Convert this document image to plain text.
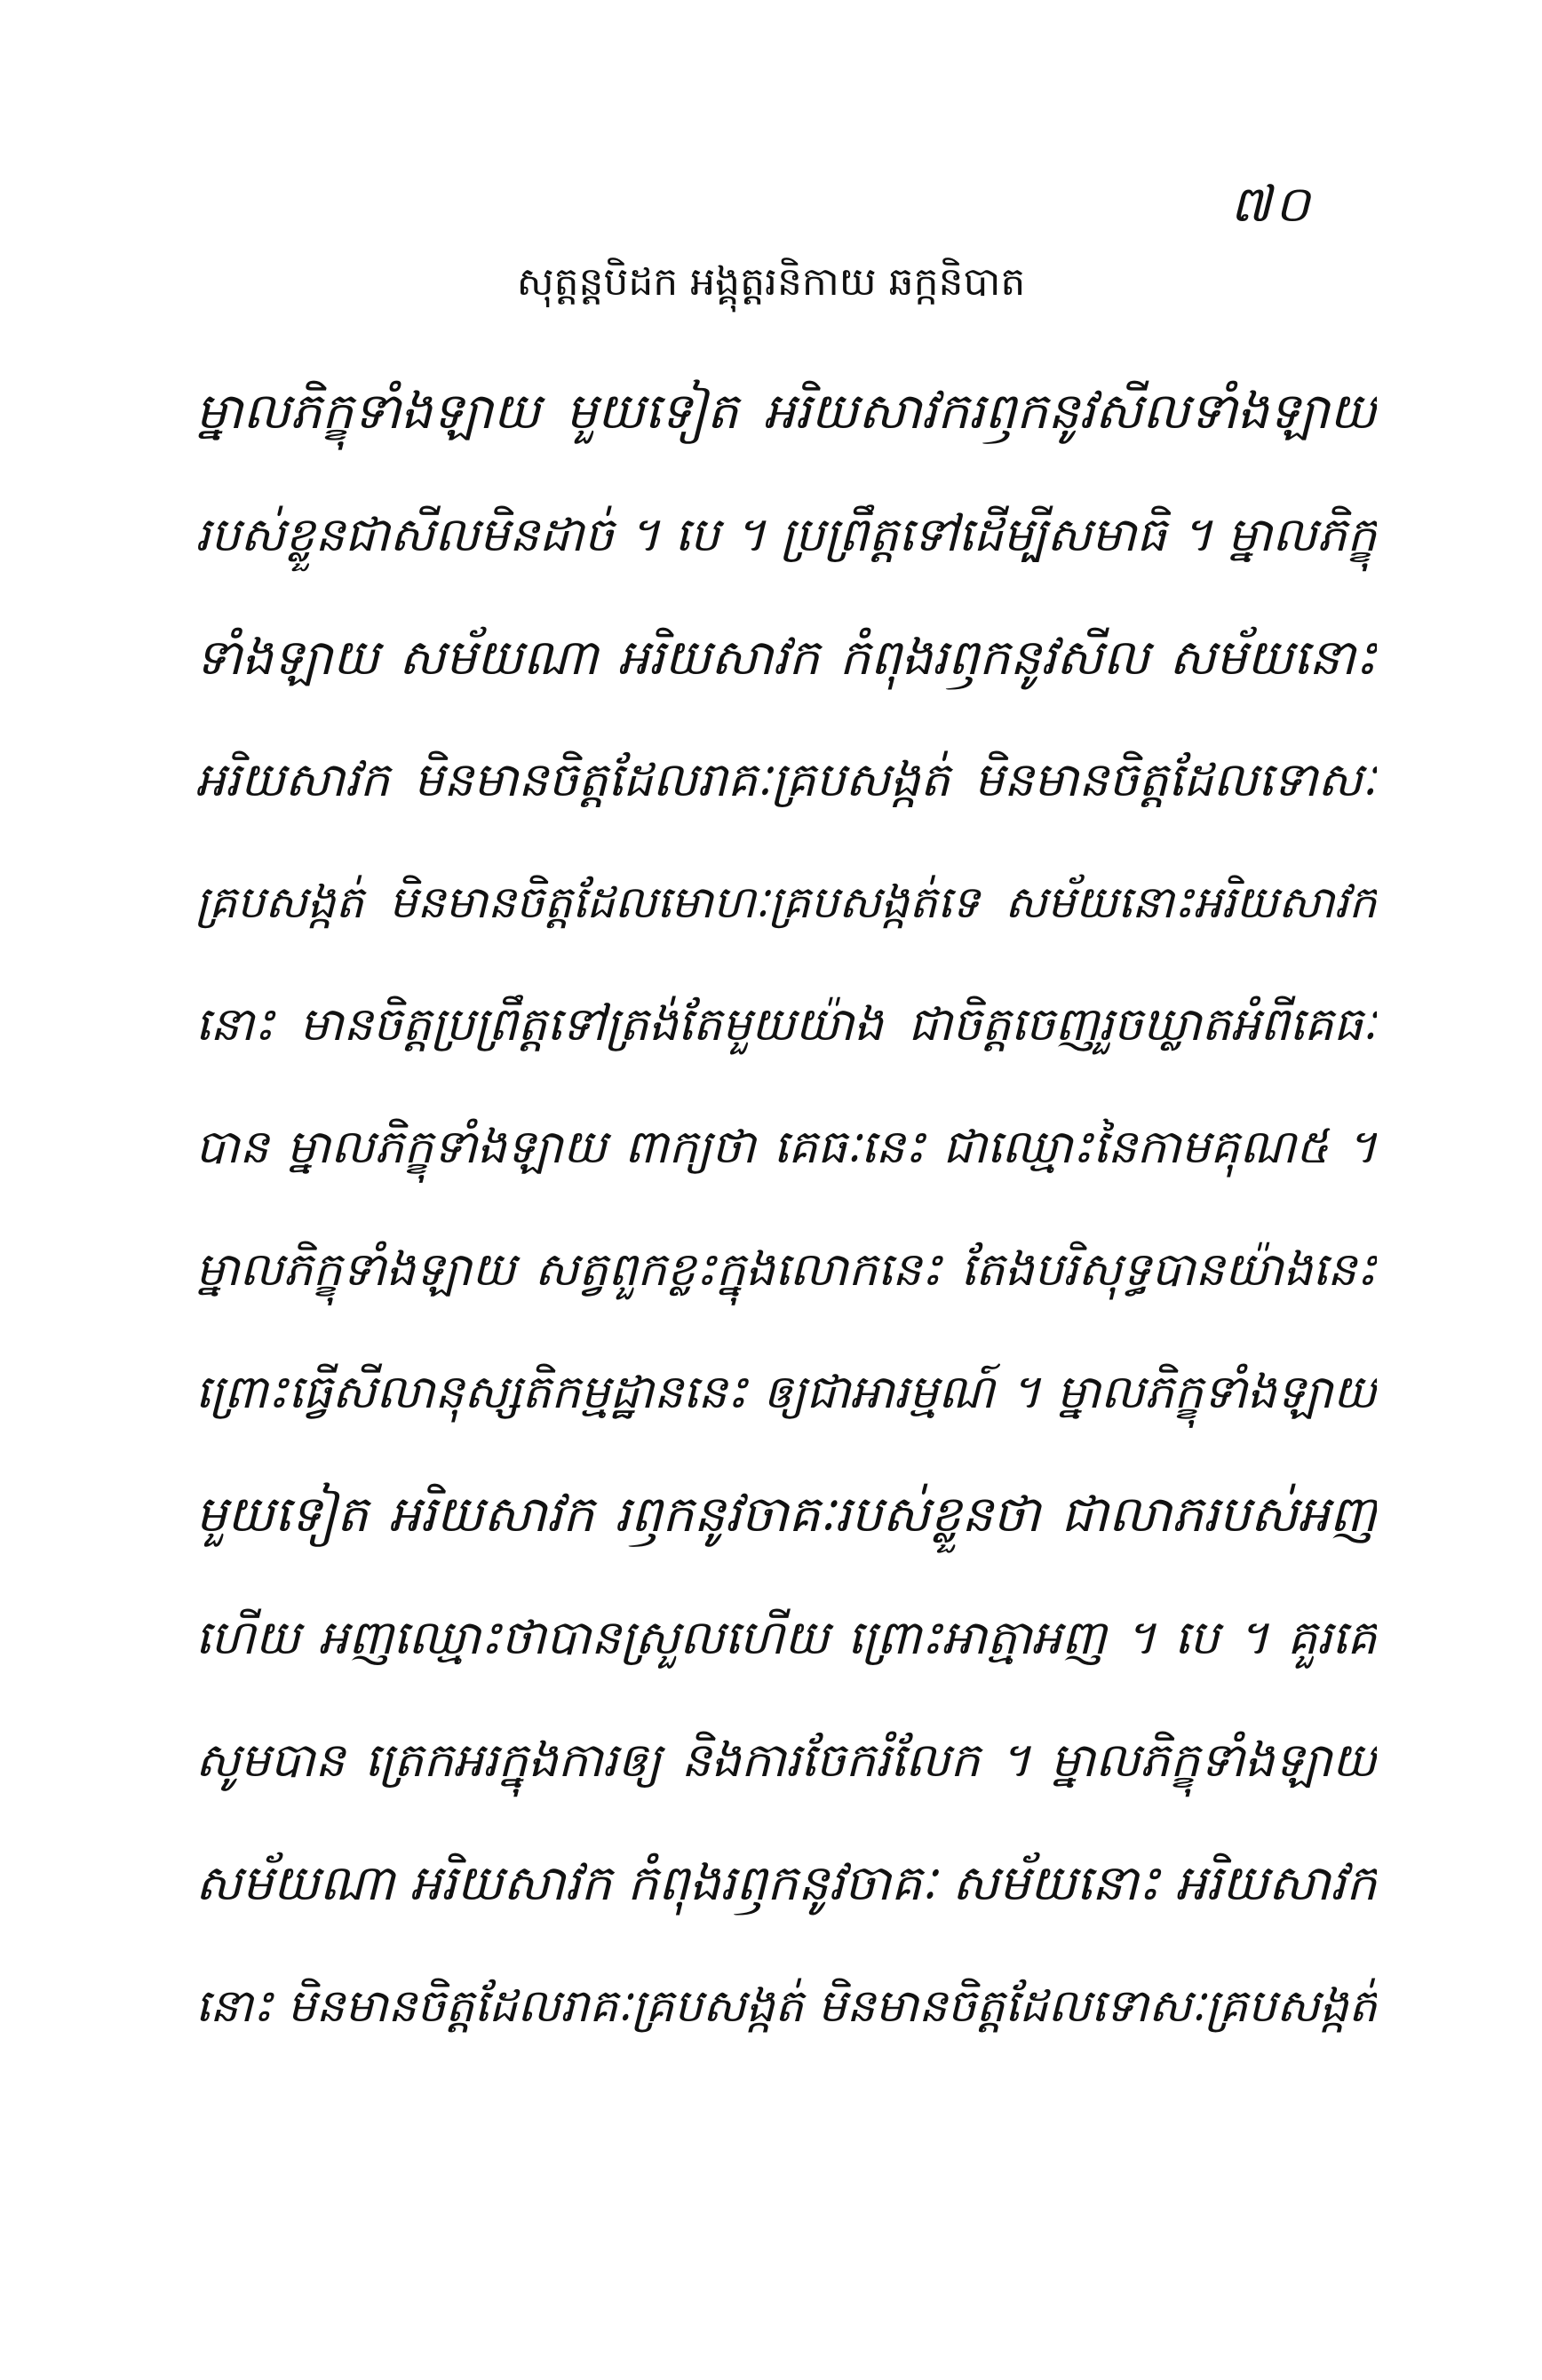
៧០
សុត្តន្តបិដក អង្គុត្តរនិកាយ ឆក្កនិបាត
ម្នាលភិក្ខុទាំងឡាយ មួយទៀត អរិយសាវករឭកនូវសីលទាំងឡាយ
របស់ខ្លួនជាសីលមិនដាច់ ។ បេ ។ ប្រព្រឹត្តទៅដើម្បីសមាធិ ។ ម្នាលភិក្ខុ
ទាំងឡាយ សម័យណា អរិយសាវក កំពុងរឭកនូវសីល សម័យនោះ
អរិយសាវក មិនមានចិត្តដែលរាគៈគ្របសង្កត់ មិនមានចិត្តដែលទោសៈ
គ្របសង្កត់ មិនមានចិត្តដែលមោហៈគ្របសង្កត់ទេ សម័យនោះអរិយសាវក
នោះ មានចិត្តប្រព្រឹត្តទៅត្រង់តែមួយយ៉ាង ជាចិត្តចេញរួចឃ្លាតអំពីគេធៈ
បាន ម្នាលភិក្ខុទាំងឡាយ ពាក្យថា គេធៈនេះ ជាឈ្មោះនៃកាមគុណ៥ ។
ម្នាលភិក្ខុទាំងឡាយ សត្វពួកខ្លះក្នុងលោកនេះ តែងបរិសុទ្ធបានយ៉ាងនេះ
ព្រោះធ្វើសីលានុស្សតិកម្មដ្ឋាននេះ ឲ្យជាអារម្មណ៍ ។ ម្នាលភិក្ខុទាំងឡាយ
មួយទៀត អរិយសាវក រឭកនូវចាគៈរបស់ខ្លួនថា ជាលាភរបស់អញ
ហើយ អញឈ្មោះថាបានស្រួលហើយ ព្រោះអាត្មាអញ ។ បេ ។ គួរគេ
សូមបាន ត្រេកអរក្នុងការឲ្យ និងការចែករំលែក ។ ម្នាលភិក្ខុទាំងឡាយ
សម័យណា អរិយសាវក កំពុងរឭកនូវចាគៈ សម័យនោះ អរិយសាវក
នោះ មិនមានចិត្តដែលរាគៈគ្របសង្កត់ មិនមានចិត្តដែលទោសៈគ្របសង្កត់
